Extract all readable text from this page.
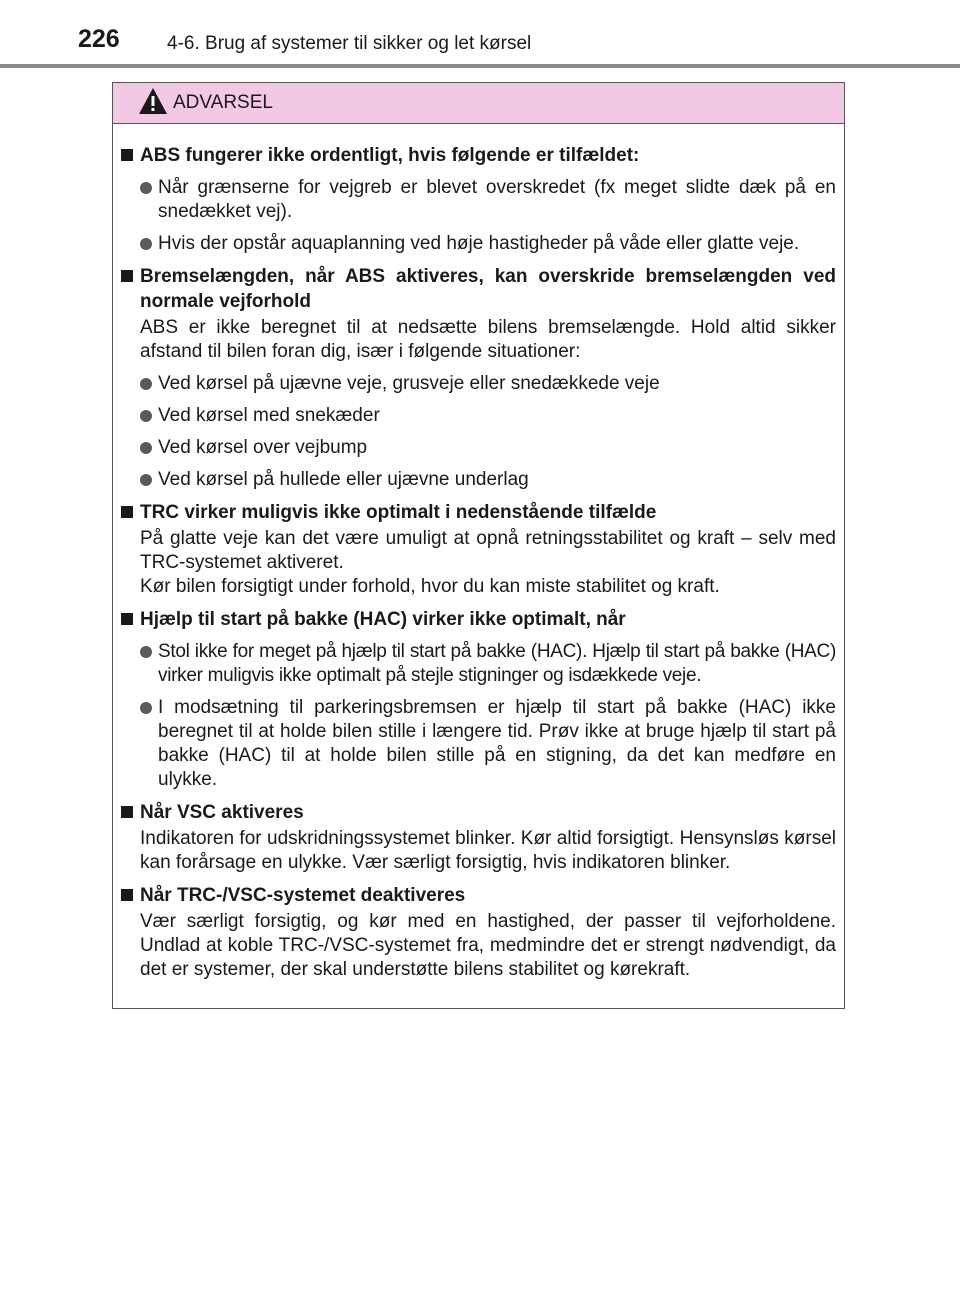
226 4-6. Brug af systemer til sikker og let kørsel
ADVARSEL
ABS fungerer ikke ordentligt, hvis følgende er tilfældet:
Når grænserne for vejgreb er blevet overskredet (fx meget slidte dæk på en snedækket vej).
Hvis der opstår aquaplanning ved høje hastigheder på våde eller glatte veje.
Bremselængden, når ABS aktiveres, kan overskride bremselængden ved normale vejforhold
ABS er ikke beregnet til at nedsætte bilens bremselængde. Hold altid sikker afstand til bilen foran dig, især i følgende situationer:
Ved kørsel på ujævne veje, grusveje eller snedækkede veje
Ved kørsel med snekæder
Ved kørsel over vejbump
Ved kørsel på hullede eller ujævne underlag
TRC virker muligvis ikke optimalt i nedenstående tilfælde
På glatte veje kan det være umuligt at opnå retningsstabilitet og kraft – selv med TRC-systemet aktiveret.
Kør bilen forsigtigt under forhold, hvor du kan miste stabilitet og kraft.
Hjælp til start på bakke (HAC) virker ikke optimalt, når
Stol ikke for meget på hjælp til start på bakke (HAC). Hjælp til start på bakke (HAC) virker muligvis ikke optimalt på stejle stigninger og isdækkede veje.
I modsætning til parkeringsbremsen er hjælp til start på bakke (HAC) ikke beregnet til at holde bilen stille i længere tid. Prøv ikke at bruge hjælp til start på bakke (HAC) til at holde bilen stille på en stigning, da det kan medføre en ulykke.
Når VSC aktiveres
Indikatoren for udskridningssystemet blinker. Kør altid forsigtigt. Hensynsløs kørsel kan forårsage en ulykke. Vær særligt forsigtig, hvis indikatoren blinker.
Når TRC-/VSC-systemet deaktiveres
Vær særligt forsigtig, og kør med en hastighed, der passer til vejforholdene. Undlad at koble TRC-/VSC-systemet fra, medmindre det er strengt nødvendigt, da det er systemer, der skal understøtte bilens stabilitet og kørekraft.
